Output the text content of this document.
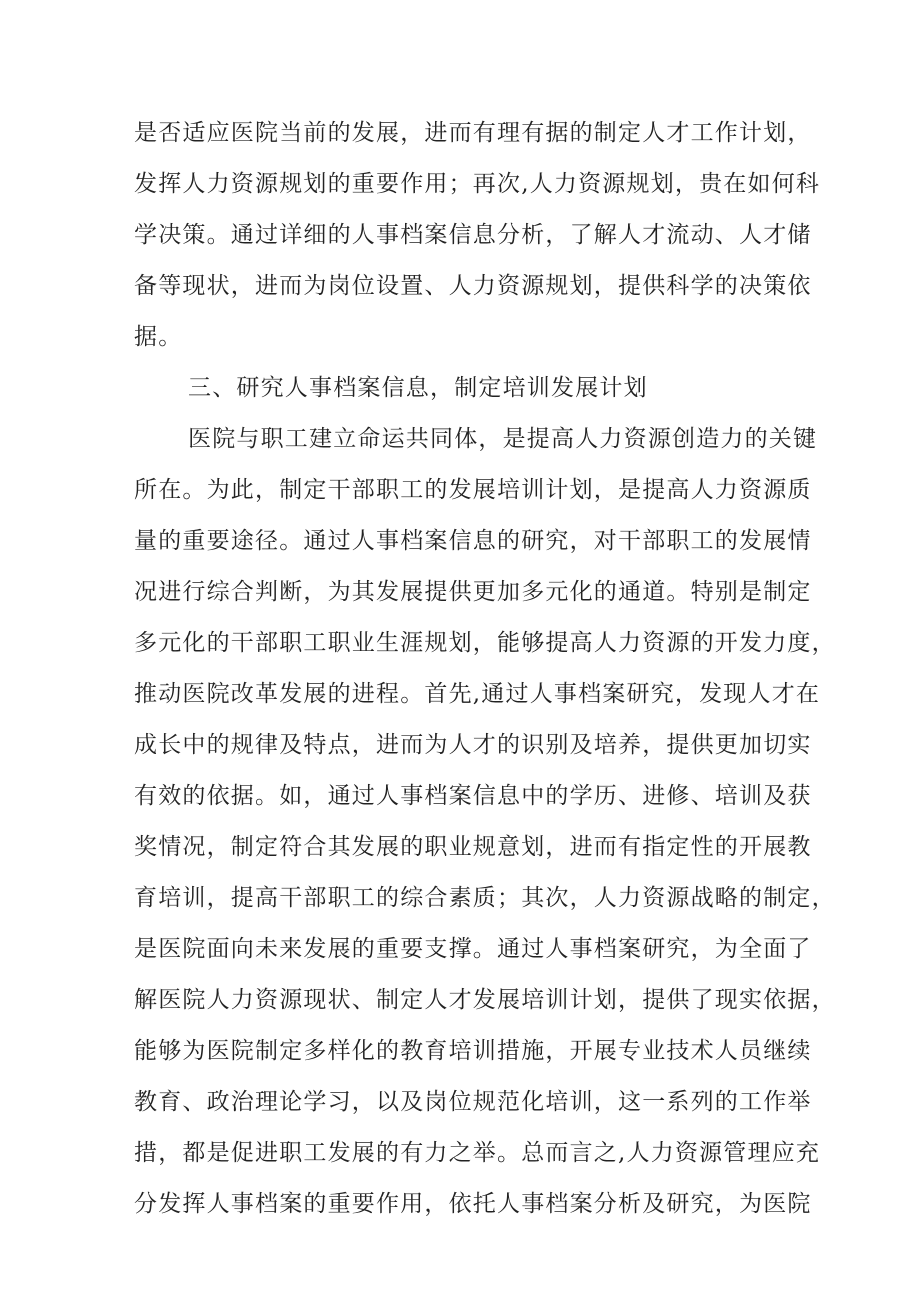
是否适应医院当前的发展，进而有理有据的制定人才工作计划，
发挥人力资源规划的重要作用；再次,人力资源规划，贵在如何科
学决策。通过详细的人事档案信息分析，了解人才流动、人才储
备等现状，进而为岗位设置、人力资源规划，提供科学的决策依
据。
三、研究人事档案信息，制定培训发展计划
医院与职工建立命运共同体，是提高人力资源创造力的关键
所在。为此，制定干部职工的发展培训计划，是提高人力资源质
量的重要途径。通过人事档案信息的研究，对干部职工的发展情
况进行综合判断，为其发展提供更加多元化的通道。特别是制定
多元化的干部职工职业生涯规划，能够提高人力资源的开发力度，
推动医院改革发展的进程。首先,通过人事档案研究，发现人才在
成长中的规律及特点，进而为人才的识别及培养，提供更加切实
有效的依据。如，通过人事档案信息中的学历、进修、培训及获
奖情况，制定符合其发展的职业规意划，进而有指定性的开展教
育培训，提高干部职工的综合素质；其次，人力资源战略的制定，
是医院面向未来发展的重要支撑。通过人事档案研究，为全面了
解医院人力资源现状、制定人才发展培训计划，提供了现实依据，
能够为医院制定多样化的教育培训措施，开展专业技术人员继续
教育、政治理论学习，以及岗位规范化培训，这一系列的工作举
措，都是促进职工发展的有力之举。总而言之,人力资源管理应充
分发挥人事档案的重要作用，依托人事档案分析及研究，为医院
